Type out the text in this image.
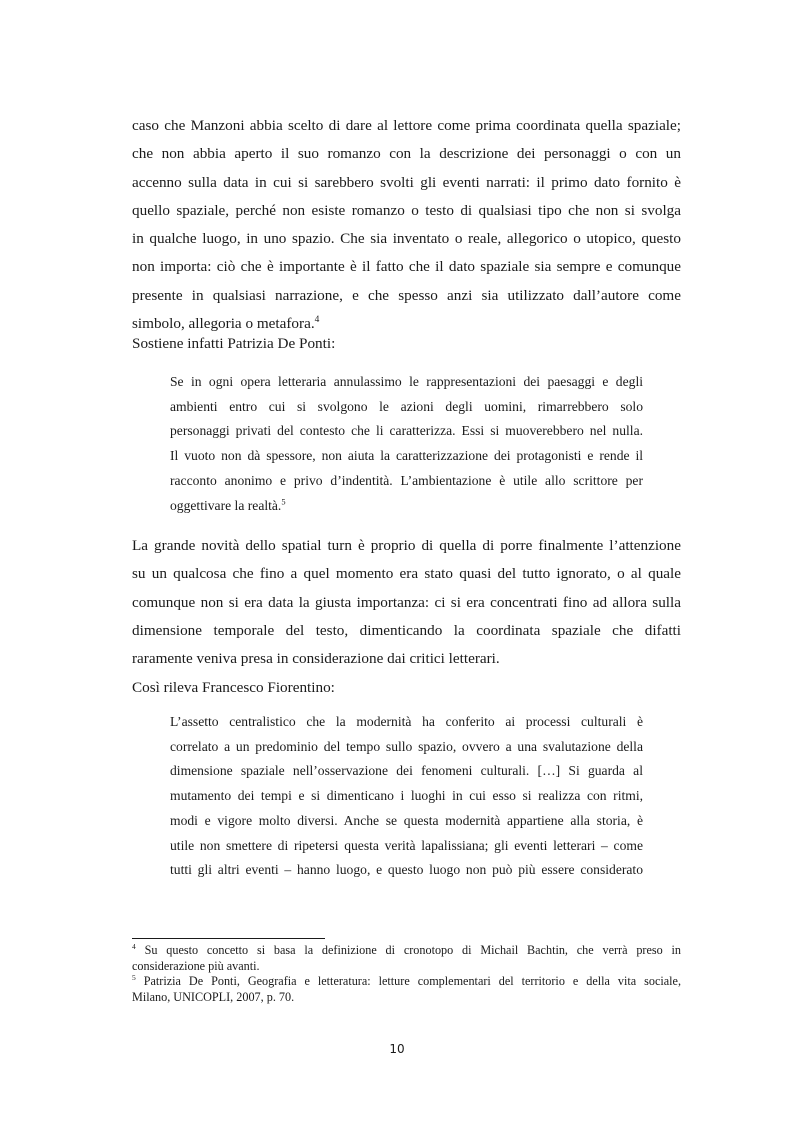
caso che Manzoni abbia scelto di dare al lettore come prima coordinata quella spaziale;
che non abbia aperto il suo romanzo con la descrizione dei personaggi o con un
accenno sulla data in cui si sarebbero svolti gli eventi narrati: il primo dato fornito è
quello spaziale, perché non esiste romanzo o testo di qualsiasi tipo che non si svolga
in qualche luogo, in uno spazio. Che sia inventato o reale, allegorico o utopico, questo
non importa: ciò che è importante è il fatto che il dato spaziale sia sempre e comunque
presente in qualsiasi narrazione, e che spesso anzi sia utilizzato dall’autore come
simbolo, allegoria o metafora.$^4$
Sostiene infatti Patrizia De Ponti:
Se in ogni opera letteraria annulassimo le rappresentazioni dei paesaggi e degli
ambienti entro cui si svolgono le azioni degli uomini, rimarrebbero solo
personaggi privati del contesto che li caratterizza. Essi si muoverebbero nel nulla.
Il vuoto non dà spessore, non aiuta la caratterizzazione dei protagonisti e rende il
racconto anonimo e privo d’indentità. L’ambientazione è utile allo scrittore per
oggettivare la realtà.$^5$
La grande novità dello spatial turn è proprio di quella di porre finalmente l’attenzione
su un qualcosa che fino a quel momento era stato quasi del tutto ignorato, o al quale
comunque non si era data la giusta importanza: ci si era concentrati fino ad allora sulla
dimensione temporale del testo, dimenticando la coordinata spaziale che difatti
raramente veniva presa in considerazione dai critici letterari.
Così rileva Francesco Fiorentino:
L’assetto centralistico che la modernità ha conferito ai processi culturali è
correlato a un predominio del tempo sullo spazio, ovvero a una svalutazione della
dimensione spaziale nell’osservazione dei fenomeni culturali. […] Si guarda al
mutamento dei tempi e si dimenticano i luoghi in cui esso si realizza con ritmi,
modi e vigore molto diversi. Anche se questa modernità appartiene alla storia, è
utile non smettere di ripetersi questa verità lapalissiana; gli eventi letterari – come
tutti gli altri eventi – hanno luogo, e questo luogo non può più essere considerato
$^4$ Su questo concetto si basa la definizione di cronotopo di Michail Bachtin, che verrà preso in
considerazione più avanti.
$^5$ Patrizia De Ponti, Geografia e letteratura: letture complementari del territorio e della vita sociale,
Milano, UNICOPLI, 2007, p. 70.
10
